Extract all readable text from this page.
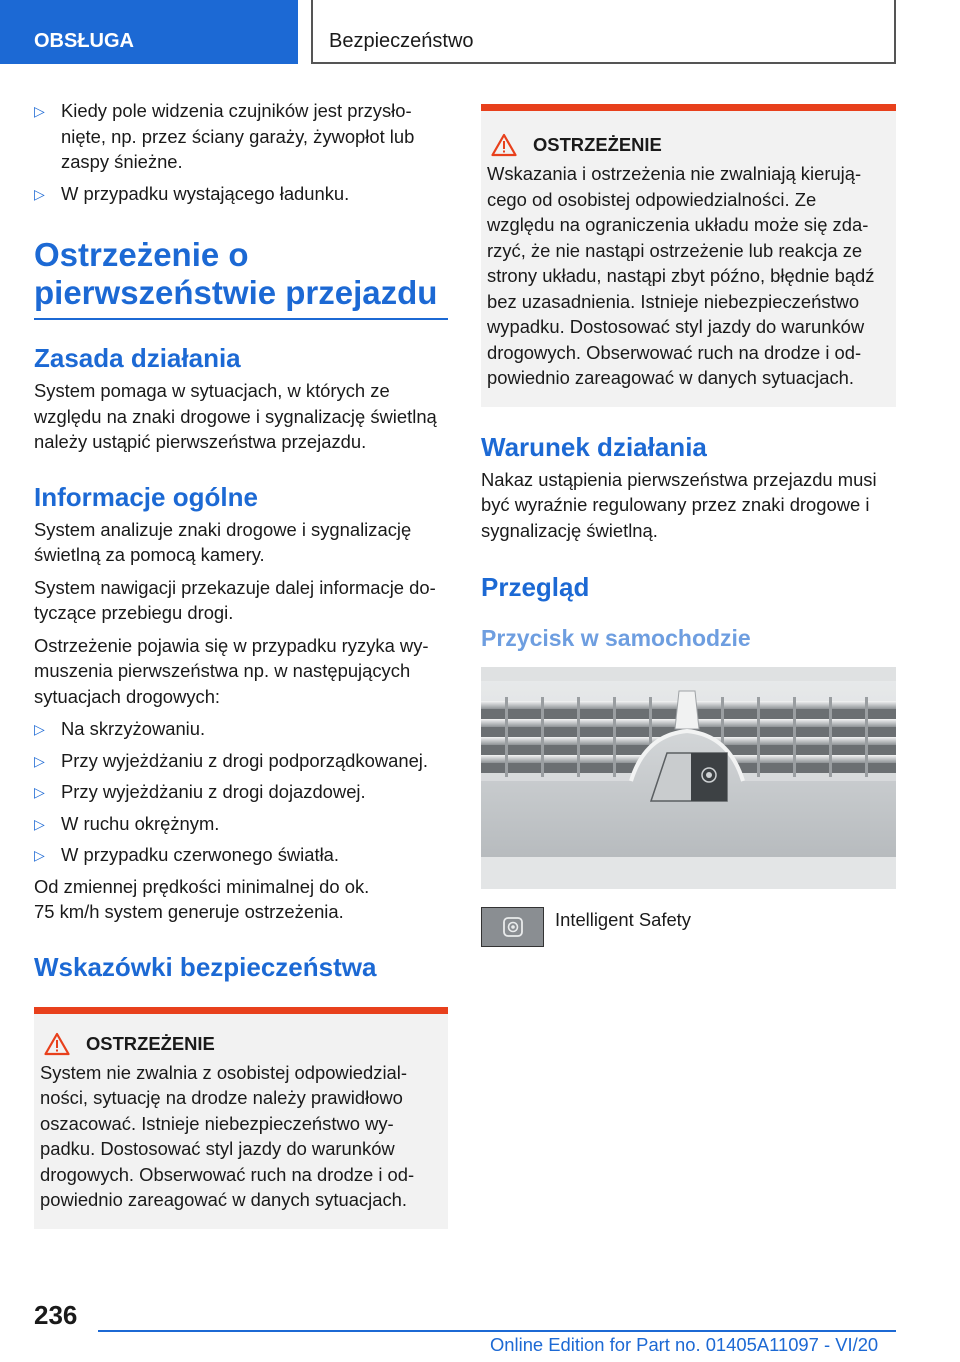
OBSŁUGA	Bezpieczeństwo
▷ Kiedy pole widzenia czujników jest przysło-nięte, np. przez ściany garaży, żywopłot lub zaspy śnieżne.
▷ W przypadku wystającego ładunku.
Ostrzeżenie o pierwszeństwie przejazdu
Zasada działania

System pomaga w sytuacjach, w których ze względu na znaki drogowe i sygnalizację świetlną należy ustąpić pierwszeństwa przejazdu.

Informacje ogólne

System analizuje znaki drogowe i sygnalizację świetlną za pomocą kamery.

System nawigacji przekazuje dalej informacje do-tyczące przebiegu drogi.

Ostrzeżenie pojawia się w przypadku ryzyka wy-muszenia pierwszeństwa np. w następujących sytuacjach drogowych:

▷ Na skrzyżowaniu.
▷ Przy wyjeżdżaniu z drogi podporządkowanej.
▷ Przy wyjeżdżaniu z drogi dojazdowej.
▷ W ruchu okrężnym.
▷ W przypadku czerwonego światła.

Od zmiennej prędkości minimalnej do ok.
75 km/h system generuje ostrzeżenia.

Wskazówki bezpieczeństwa
OSTRZEŻENIE

System nie zwalnia z osobistej odpowiedzial-ności, sytuację na drodze należy prawidłowo oszacować. Istnieje niebezpieczeństwo wy-padku. Dostosować styl jazdy do warunków drogowych. Obserwować ruch na drodze i od-powiednio zareagować w danych sytuacjach.

OSTRZEŻENIE

Wskazania i ostrzeżenia nie zwalniają kierują-cego od osobistej odpowiedzialności. Ze względu na ograniczenia układu może się zda-rzyć, że nie nastąpi ostrzeżenie lub reakcja ze strony układu, nastąpi zbyt późno, błędnie bądź bez uzasadnienia. Istnieje niebezpieczeństwo wypadku. Dostosować styl jazdy do warunków drogowych. Obserwować ruch na drodze i od-powiednio zareagować w danych sytuacjach.

Warunek działania

Nakaz ustąpienia pierwszeństwa przejazdu musi być wyraźnie regulowany przez znaki drogowe i sygnalizację świetlną.

Przegląd
Przycisk w samochodzie
Intelligent Safety
236
Online Edition for Part no. 01405A11097 - VI/20
